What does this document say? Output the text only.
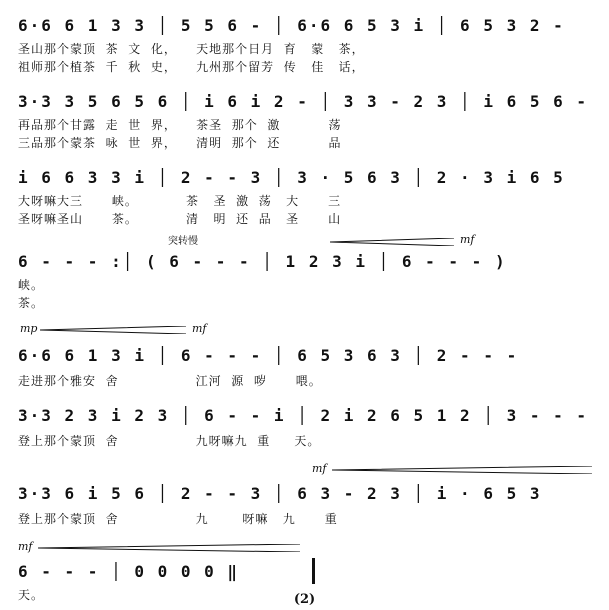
6·6 6 1 3 3 │ 5 5 6 - │ 6·6 6 5 3 i │ 6 5 3 2 -
圣山那个蒙顶  茶  文  化，    天地那个日月  育   蒙   茶，
祖师那个植茶  千  秋  史，    九州那个留芳  传   佳   话，
3·3 3 5 6 5 6 │ i 6 i 2 - │ 3 3 - 2 3 │ i 6 5 6 -
再品那个甘露  走  世  界，    茶圣  那个  激          荡
三品那个蒙茶  咏  世  界，    清明  那个  还          品
i 6 6 3 3 i │ 2 - - 3 │ 3 · 5 6 3 │ 2 · 3 i 6 5
大呀嘛大三      峡。          茶   圣  激  荡   大      三
圣呀嘛圣山      茶。          清   明  还  品   圣      山
突转慢	mf
6 - - - :│ ( 6 - - - │ 1 2 3 i │ 6 - - - )
峡。
茶。
mp	mf
6·6 6 1 3 i │ 6 - - - │ 6 5 3 6 3 │ 2 - - -
走进那个雅安  舍                江河  源  哕      喂。
3·3 2 3 i 2 3 │ 6 - - i │ 2 i 2 6 5 1 2 │ 3 - - -
登上那个蒙顶  舍                九呀嘛九  重     天。
mf
3·3 6 i 5 6 │ 2 - - 3 │ 6 3 - 2 3 │ i · 6 5 3
登上那个蒙顶  舍                九       呀嘛   九      重
mf
6 - - - │ 0 0 0 0 ‖
天。	(2)
